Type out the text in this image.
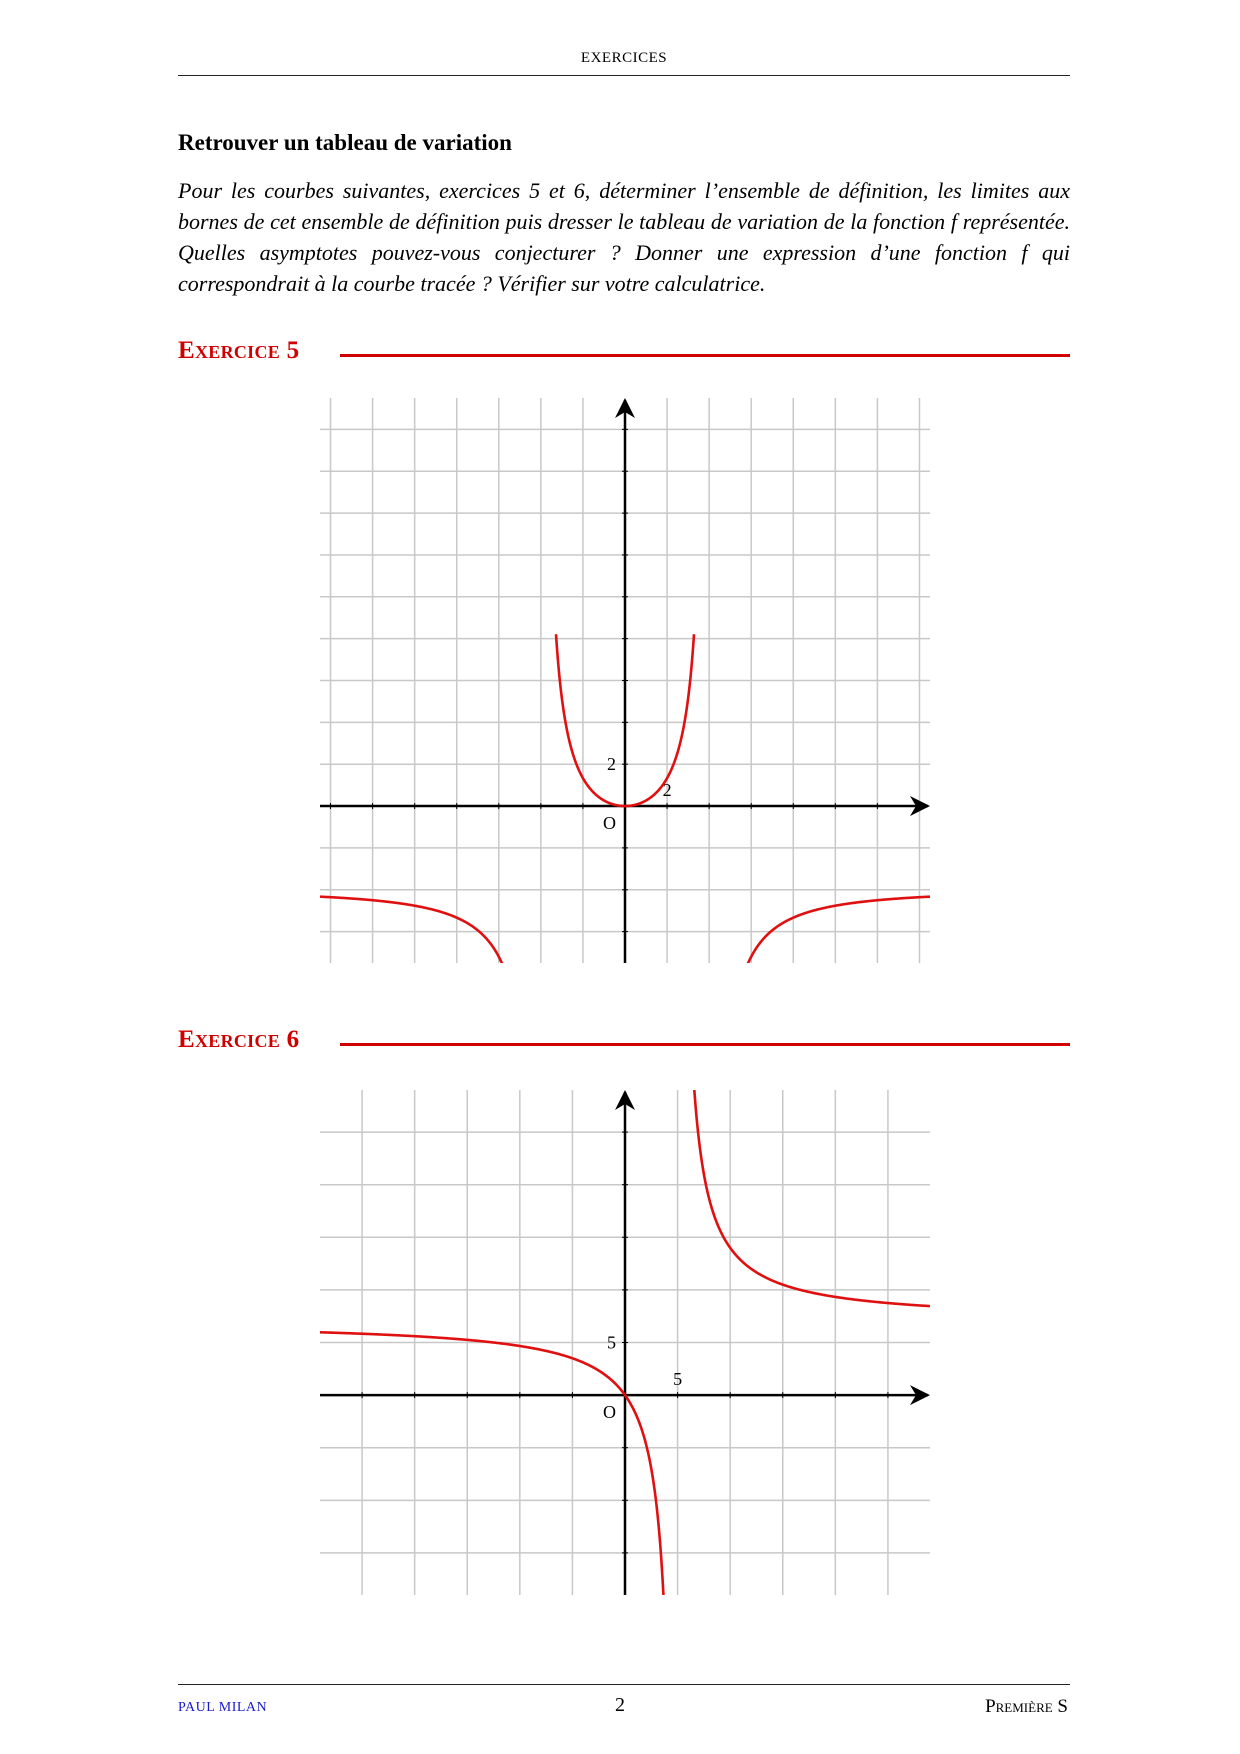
EXERCICES
Retrouver un tableau de variation

Pour les courbes suivantes, exercices 5 et 6, déterminer l’ensemble de définition, les limites aux bornes de cet ensemble de définition puis dresser le tableau de variation de la fonction f représentée. Quelles asymptotes pouvez-vous conjecturer ? Donner une expression d’une fonction f qui correspondrait à la courbe tracée ? Vérifier sur votre calculatrice.

Exercice 5
2
2
O
Exercice 6
5
5
O
PAUL MILAN	2	Première S
